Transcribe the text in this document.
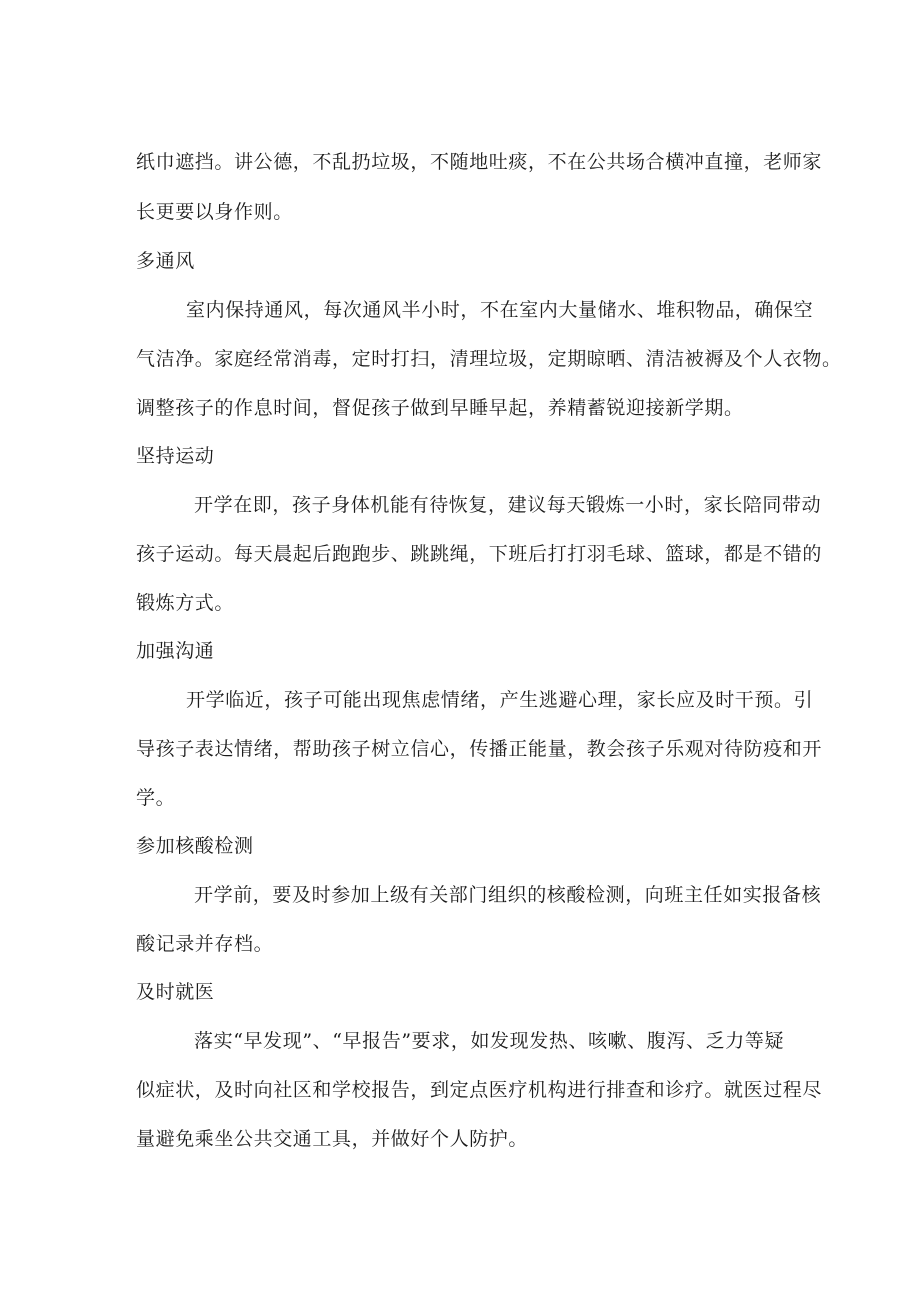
纸巾遮挡。讲公德，不乱扔垃圾，不随地吐痰，不在公共场合横冲直撞，老师家
长更要以身作则。
多通风
室内保持通风，每次通风半小时，不在室内大量储水、堆积物品，确保空
气洁净。家庭经常消毒，定时打扫，清理垃圾，定期晾晒、清洁被褥及个人衣物。
调整孩子的作息时间，督促孩子做到早睡早起，养精蓄锐迎接新学期。
坚持运动
开学在即，孩子身体机能有待恢复，建议每天锻炼一小时，家长陪同带动
孩子运动。每天晨起后跑跑步、跳跳绳，下班后打打羽毛球、篮球，都是不错的
锻炼方式。
加强沟通
开学临近，孩子可能出现焦虑情绪，产生逃避心理，家长应及时干预。引
导孩子表达情绪，帮助孩子树立信心，传播正能量，教会孩子乐观对待防疫和开
学。
参加核酸检测
开学前，要及时参加上级有关部门组织的核酸检测，向班主任如实报备核
酸记录并存档。
及时就医
落实“早发现”、“早报告”要求，如发现发热、咳嗽、腹泻、乏力等疑
似症状，及时向社区和学校报告，到定点医疗机构进行排查和诊疗。就医过程尽
量避免乘坐公共交通工具，并做好个人防护。
